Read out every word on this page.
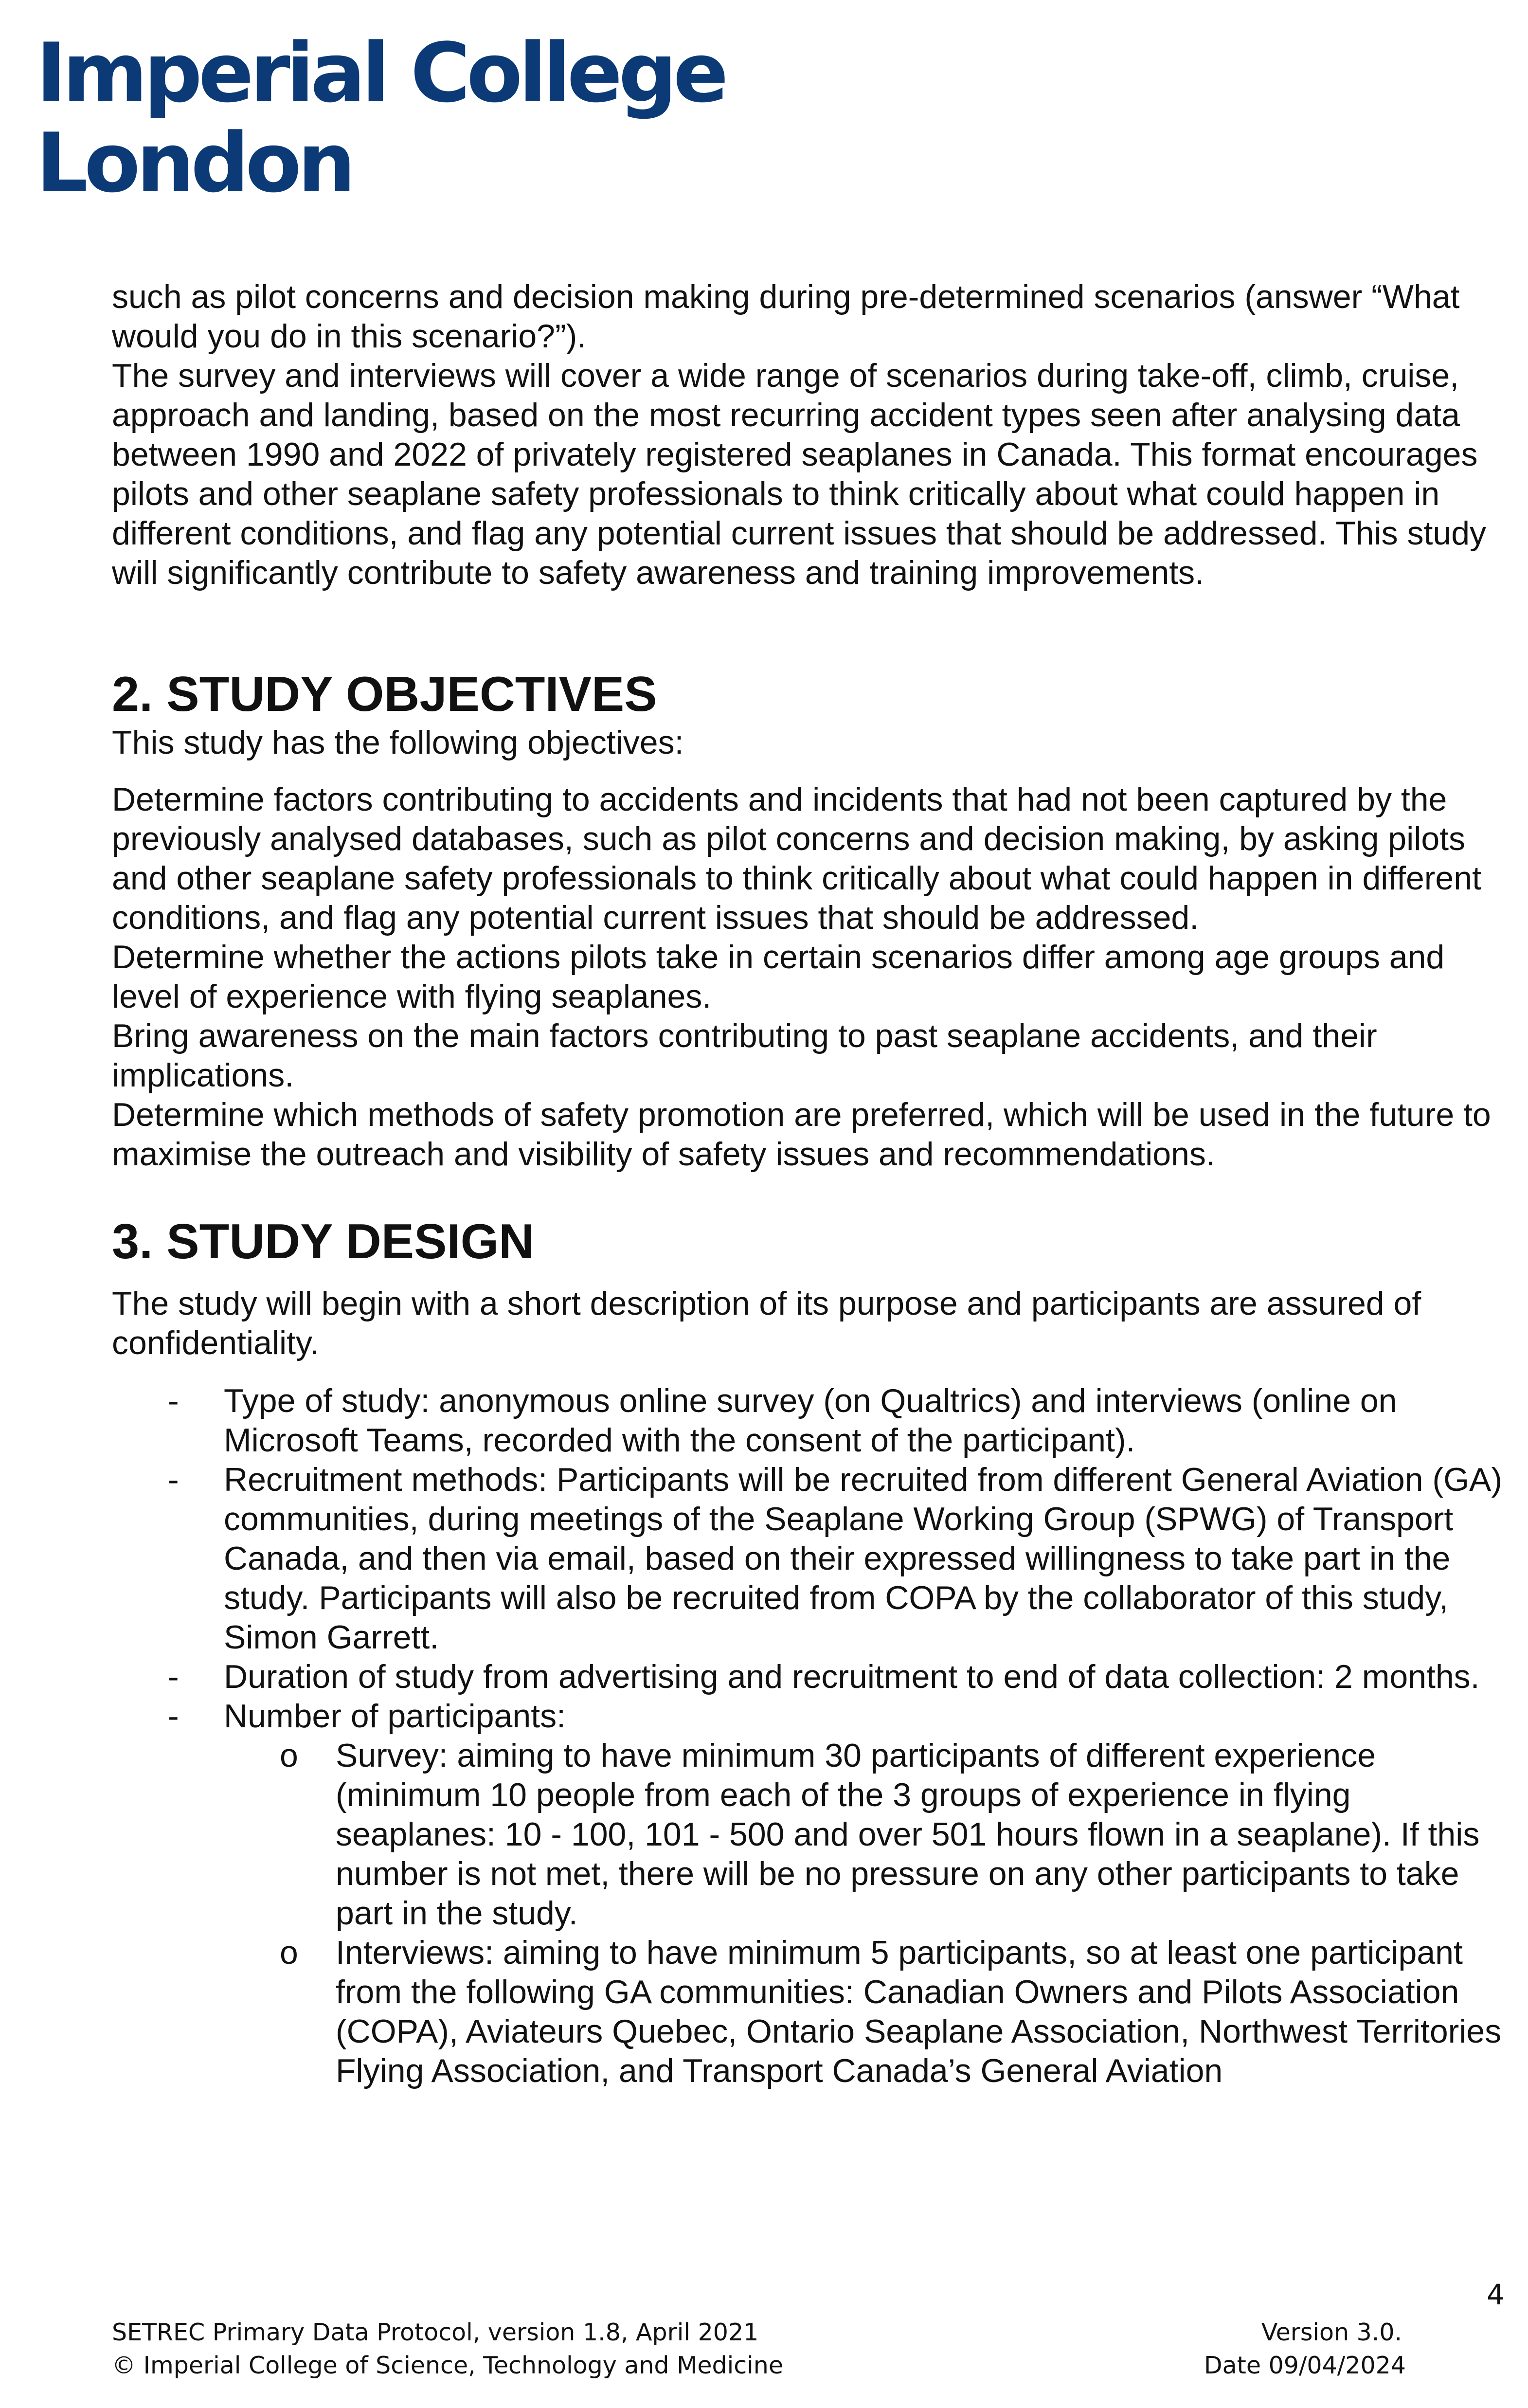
Imperial College
London

such as pilot concerns and decision making during pre-determined scenarios (answer “What would you do in this scenario?”).

The survey and interviews will cover a wide range of scenarios during take-off, climb, cruise, approach and landing, based on the most recurring accident types seen after analysing data between 1990 and 2022 of privately registered seaplanes in Canada. This format encourages pilots and other seaplane safety professionals to think critically about what could happen in different conditions, and flag any potential current issues that should be addressed. This study will significantly contribute to safety awareness and training improvements.

2. STUDY OBJECTIVES

This study has the following objectives:

Determine factors contributing to accidents and incidents that had not been captured by the previously analysed databases, such as pilot concerns and decision making, by asking pilots and other seaplane safety professionals to think critically about what could happen in different conditions, and flag any potential current issues that should be addressed.

Determine whether the actions pilots take in certain scenarios differ among age groups and level of experience with flying seaplanes.

Bring awareness on the main factors contributing to past seaplane accidents, and their implications.

Determine which methods of safety promotion are preferred, which will be used in the future to maximise the outreach and visibility of safety issues and recommendations.

3. STUDY DESIGN

The study will begin with a short description of its purpose and participants are assured of confidentiality.

- Type of study: anonymous online survey (on Qualtrics) and interviews (online on Microsoft Teams, recorded with the consent of the participant).
- Recruitment methods: Participants will be recruited from different General Aviation (GA) communities, during meetings of the Seaplane Working Group (SPWG) of Transport Canada, and then via email, based on their expressed willingness to take part in the study. Participants will also be recruited from COPA by the collaborator of this study, Simon Garrett.
- Duration of study from advertising and recruitment to end of data collection: 2 months.
- Number of participants:
o Survey: aiming to have minimum 30 participants of different experience (minimum 10 people from each of the 3 groups of experience in flying seaplanes: 10 - 100, 101 - 500 and over 501 hours flown in a seaplane). If this number is not met, there will be no pressure on any other participants to take part in the study.
o Interviews: aiming to have minimum 5 participants, so at least one participant from the following GA communities: Canadian Owners and Pilots Association (COPA), Aviateurs Quebec, Ontario Seaplane Association, Northwest Territories Flying Association, and Transport Canada’s General Aviation
4
SETREC Primary Data Protocol, version 1.8, April 2021
© Imperial College of Science, Technology and Medicine
Version 3.0.
Date 09/04/2024
